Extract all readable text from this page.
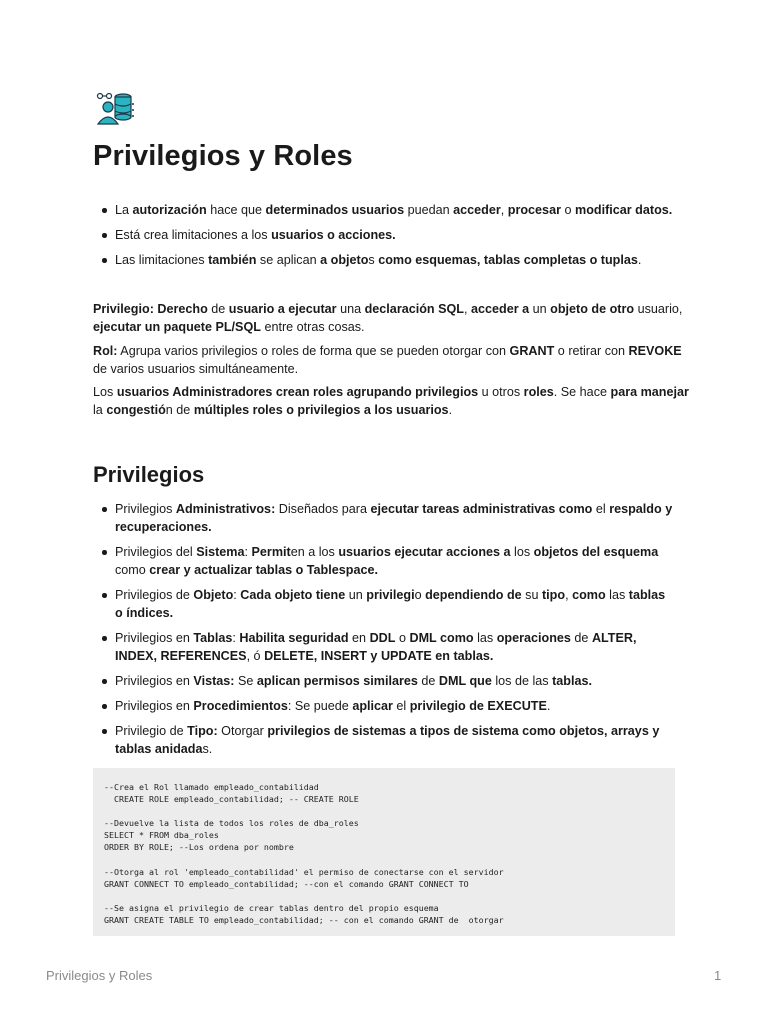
Privilegios y Roles
La autorización hace que determinados usuarios puedan acceder, procesar o modificar datos.
Está crea limitaciones a los usuarios o acciones.
Las limitaciones también se aplican a objetos como esquemas, tablas completas o tuplas.

Privilegio: Derecho de usuario a ejecutar una declaración SQL, acceder a un objeto de otro usuario, ejecutar un paquete PL/SQL entre otras cosas.

Rol: Agrupa varios privilegios o roles de forma que se pueden otorgar con GRANT o retirar con REVOKE de varios usuarios simultáneamente.

Los usuarios Administradores crean roles agrupando privilegios u otros roles. Se hace para manejar la congestión de múltiples roles o privilegios a los usuarios.

Privilegios
Privilegios Administrativos: Diseñados para ejecutar tareas administrativas como el respaldo y recuperaciones.
Privilegios del Sistema: Permiten a los usuarios ejecutar acciones a los objetos del esquema como crear y actualizar tablas o Tablespace.
Privilegios de Objeto: Cada objeto tiene un privilegio dependiendo de su tipo, como las tablas o índices.
Privilegios en Tablas: Habilita seguridad en DDL o DML como las operaciones de ALTER, INDEX, REFERENCES, ó DELETE, INSERT y UPDATE en tablas.
Privilegios en Vistas: Se aplican permisos similares de DML que los de las tablas.
Privilegios en Procedimientos: Se puede aplicar el privilegio de EXECUTE.
Privilegio de Tipo: Otorgar privilegios de sistemas a tipos de sistema como objetos, arrays y tablas anidadas.
--Crea el Rol llamado empleado_contabilidad
CREATE ROLE empleado_contabilidad; -- CREATE ROLE

--Devuelve la lista de todos los roles de dba_roles
SELECT * FROM dba_roles
ORDER BY ROLE; --Los ordena por nombre

--Otorga al rol 'empleado_contabilidad' el permiso de conectarse con el servidor
GRANT CONNECT TO empleado_contabilidad; --con el comando GRANT CONNECT TO

--Se asigna el privilegio de crear tablas dentro del propio esquema
GRANT CREATE TABLE TO empleado_contabilidad; -- con el comando GRANT de  otorgar
Privilegios y Roles	1
